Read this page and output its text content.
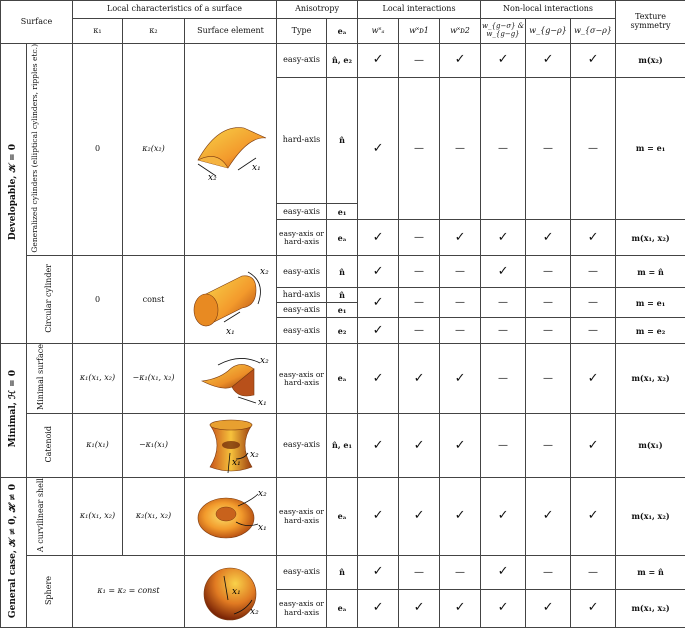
Surface		Local characteristics of a surface			Anisotropy		Local interactions			Non-local interactions			Texture symmetry
		κ₁	κ₂	Surface element	Type	eₐ	w˟ₐ	w˟ᴅ1	w˟ᴅ2	w_{g−σ} & w_{g−g}	w_{g−ρ}	w_{σ−ρ}	
Developable, 𝒦 = 0	Generalized cylinders (elliptical cylinders, ripples etc.)	0	κ₂(x₂)	x₂
x₁	easy-axis	n̂, e₂	✓	—	✓	✓	✓	✓	m(x₂)
					hard-axis	n̂	✓	—	—	—	—	—	m = e₁
					easy-axis	e₁							
					easy-axis or hard-axis	eₐ	✓	—	✓	✓	✓	✓	m(x₁, x₂)
	Circular cylinder	0	const	x₂
x₁	easy-axis	n̂	✓	—	—	✓	—	—	m = n̂
					hard-axis	n̂	✓	—	—	—	—	—	m = e₁
					easy-axis	e₁							
					easy-axis	e₂	✓	—	—	—	—	—	m = e₂
Minimal, ℋ = 0	Minimal surface	κ₁(x₁, x₂)	−κ₁(x₁, x₂)	x₂
x₁	easy-axis or hard-axis	eₐ	✓	✓	✓	—	—	✓	m(x₁, x₂)
	Catenoid	κ₁(x₁)	−κ₁(x₁)	x₁
x₂	easy-axis	n̂, e₁	✓	✓	✓	—	—	✓	m(x₁)
General case, 𝒦 ≠ 0, ℋ ≠ 0	A curvilinear shell	κ₁(x₁, x₂)	κ₂(x₁, x₂)	x₂
x₁	easy-axis or hard-axis	eₐ	✓	✓	✓	✓	✓	✓	m(x₁, x₂)
	Sphere	κ₁ = κ₂ = const		x₁
x₂	easy-axis	n̂	✓	—	—	✓	—	—	m = n̂
					easy-axis or hard-axis	eₐ	✓	✓	✓	✓	✓	✓	m(x₁, x₂)
